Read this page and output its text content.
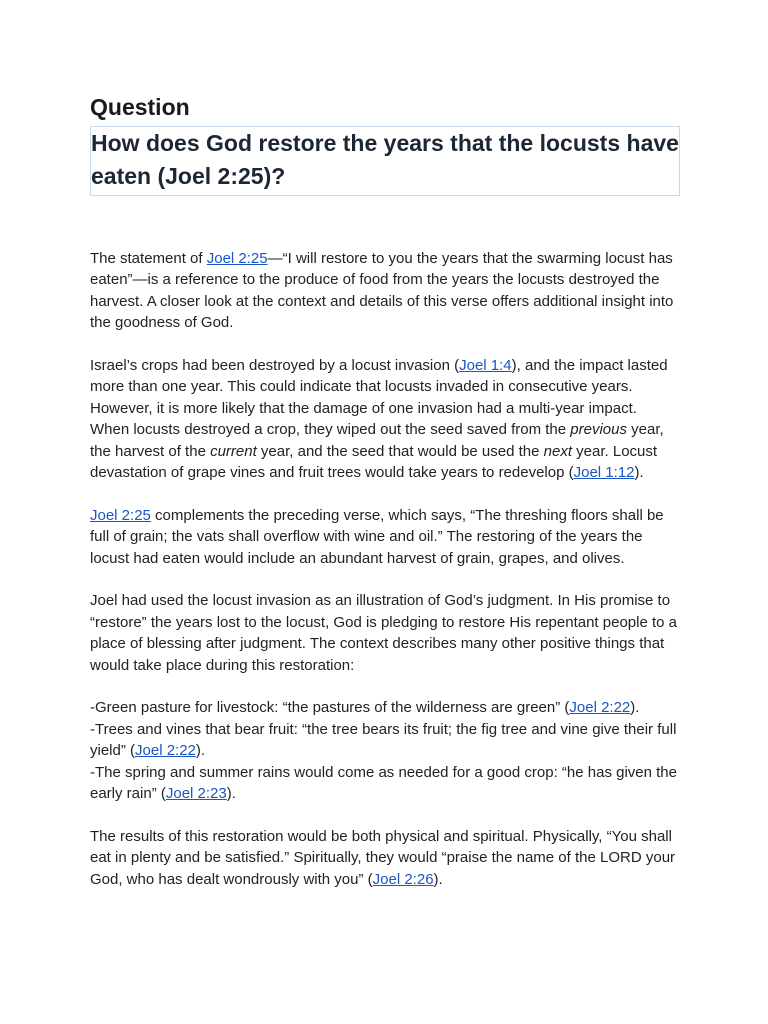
Question
How does God restore the years that the locusts have eaten (Joel 2:25)?

The statement of Joel 2:25—“I will restore to you the years that the swarming locust has eaten”—is a reference to the produce of food from the years the locusts destroyed the harvest. A closer look at the context and details of this verse offers additional insight into the goodness of God.

Israel’s crops had been destroyed by a locust invasion (Joel 1:4), and the impact lasted more than one year. This could indicate that locusts invaded in consecutive years. However, it is more likely that the damage of one invasion had a multi-year impact. When locusts destroyed a crop, they wiped out the seed saved from the previous year, the harvest of the current year, and the seed that would be used the next year. Locust devastation of grape vines and fruit trees would take years to redevelop (Joel 1:12).

Joel 2:25 complements the preceding verse, which says, “The threshing floors shall be full of grain; the vats shall overflow with wine and oil.” The restoring of the years the locust had eaten would include an abundant harvest of grain, grapes, and olives.

Joel had used the locust invasion as an illustration of God’s judgment. In His promise to “restore” the years lost to the locust, God is pledging to restore His repentant people to a place of blessing after judgment. The context describes many other positive things that would take place during this restoration:

-Green pasture for livestock: “the pastures of the wilderness are green” (Joel 2:22).

-Trees and vines that bear fruit: “the tree bears its fruit; the fig tree and vine give their full yield” (Joel 2:22).

-The spring and summer rains would come as needed for a good crop: “he has given the early rain” (Joel 2:23).

The results of this restoration would be both physical and spiritual. Physically, “You shall eat in plenty and be satisfied.” Spiritually, they would “praise the name of the LORD your God, who has dealt wondrously with you” (Joel 2:26).
